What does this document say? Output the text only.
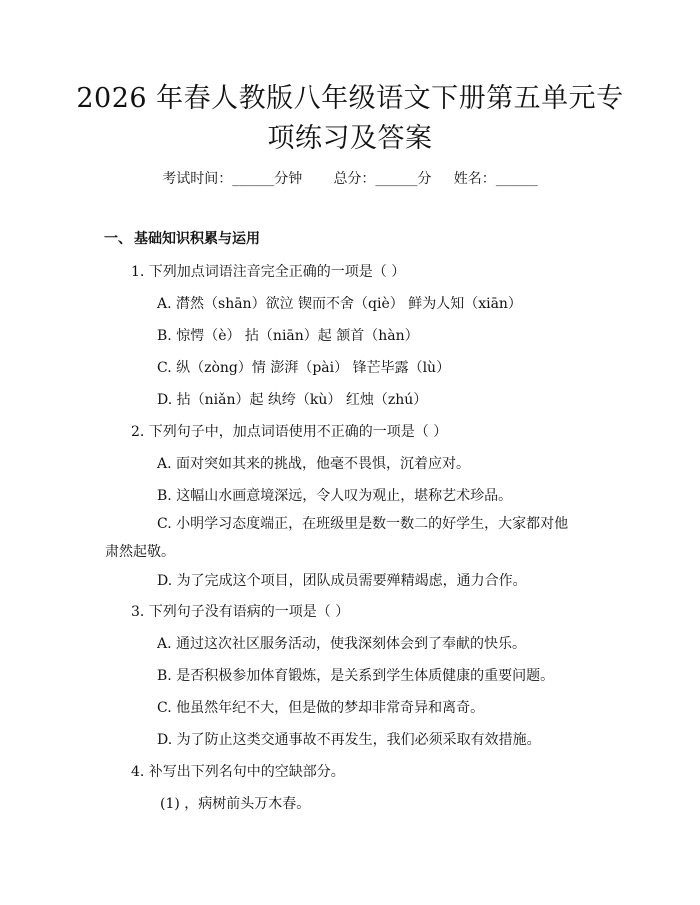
2026 年春人教版八年级语文下册第五单元专
项练习及答案
考试时间：______分钟 总分：______分 姓名：______
一、 基础知识积累与运用
1. 下列加点词语注音完全正确的一项是（ ）
A. 潸然（shān）欲泣 锲而不舍（qiè） 鲜为人知（xiān）
B. 惊愕（è） 拈（niān）起 颔首（hàn）
C. 纵（zòng）情 澎湃（pài） 锋芒毕露（lù）
D. 拈（niǎn）起 纨绔（kù） 红烛（zhú）
2. 下列句子中，加点词语使用不正确的一项是（ ）
A. 面对突如其来的挑战，他毫不畏惧，沉着应对。
B. 这幅山水画意境深远，令人叹为观止，堪称艺术珍品。
C. 小明学习态度端正，在班级里是数一数二的好学生，大家都对他肃然起敬。
D. 为了完成这个项目，团队成员需要殚精竭虑，通力合作。
3. 下列句子没有语病的一项是（ ）
A. 通过这次社区服务活动，使我深刻体会到了奉献的快乐。
B. 是否积极参加体育锻炼，是关系到学生体质健康的重要问题。
C. 他虽然年纪不大，但是做的梦却非常奇异和离奇。
D. 为了防止这类交通事故不再发生，我们必须采取有效措施。
4. 补写出下列名句中的空缺部分。
(1) ，病树前头万木春。
